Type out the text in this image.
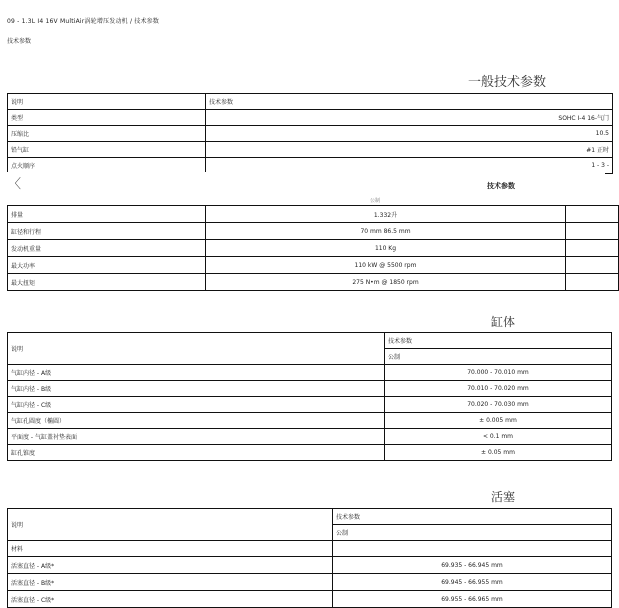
09 - 1.3L I4 16V MultiAir涡轮增压发动机 / 技术参数
技术参数
一般技术参数
说明	技术参数
类型	SOHC I-4 16-气门
压缩比	10.5
铅气缸	#1 正时
点火顺序	1 - 3 -
排量	1.332升	
缸径和行程	70 mm 86.5 mm	
发动机重量	110 Kg	
最大功率	110 kW @ 5500 rpm	
最大扭矩	275 N•m @ 1850 rpm	
公制
〈	技术参数
缸体
说明	技术参数
	公制
气缸内径 - A级	70.000 - 70.010 mm
气缸内径 - B级	70.010 - 70.020 mm
气缸内径 - C级	70.020 - 70.030 mm
气缸孔圆度（椭圆）	± 0.005 mm
平面度 - 气缸盖衬垫表面	< 0.1 mm
缸孔锥度	± 0.05 mm
活塞
说明	技术参数
	公制
材料	
活塞直径 - A级*	69.935 - 66.945 mm
活塞直径 - B级*	69.945 - 66.955 mm
活塞直径 - C级*	69.955 - 66.965 mm
